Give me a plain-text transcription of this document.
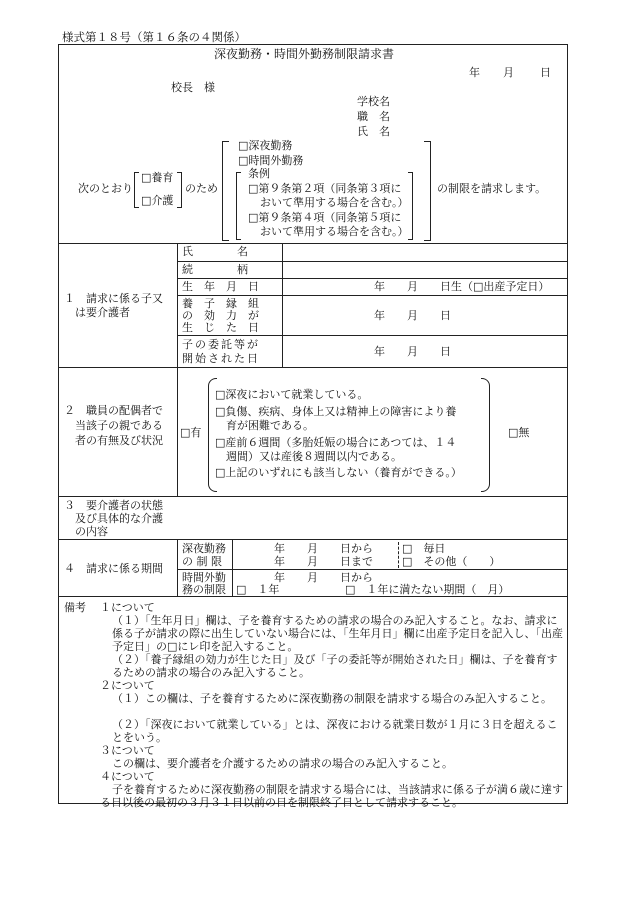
様式第１８号（第１６条の４関係）
深夜勤務・時間外勤務制限請求書
年 月 日
校長　様
学校名
職　名
氏　名
次のとおり
□養育
□介護
のため
□深夜勤務
□時間外勤務
条例
□第９条第２項（同条第３項に
おいて準用する場合を含む。）
□第９条第４項（同条第５項に
おいて準用する場合を含む。）
の制限を請求します。
１　請求に係る子又
は要介護者
氏　　　　名
続　　　　柄
生　年　月　日	年　　月　　日生（□出産予定日）
養　子　縁　組
の　効　力　が
生　じ　た　日
年　　月　　日
子の委託等が
開始された日
年　　月　　日
２　職員の配偶者で
当該子の親である
者の有無及び状況
□有
□深夜において就業している。
□負傷、疾病、身体上又は精神上の障害により養
育が困難である。
□産前６週間（多胎妊娠の場合にあつては、１４
週間）又は産後８週間以内である。
□上記のいずれにも該当しない（養育ができる。）
□無
３　要介護者の状態
及び具体的な介護
の内容
４　請求に係る期間
深夜勤務
の 制 限
年　　月　　日から
年　　月　　日まで
□　毎日
□　その他（　　）
時間外勤
務の制限
年　　月　　日から
□　１年	□　１年に満たない期間（　月）
備考 １について
（１）「生年月日」欄は、子を養育するための請求の場合のみ記入すること。なお、請求に係る子が請求の際に出生していない場合には、「生年月日」欄に出産予定日を記入し、「出産予定日」の□にレ印を記入すること。
（２）「養子縁組の効力が生じた日」及び「子の委託等が開始された日」欄は、子を養育するための請求の場合のみ記入すること。
２について
（１）この欄は、子を養育するために深夜勤務の制限を請求する場合のみ記入すること。
（２）「深夜において就業している」とは、深夜における就業日数が１月に３日を超えることをいう。
３について
この欄は、要介護者を介護するための請求の場合のみ記入すること。
４について
子を養育するために深夜勤務の制限を請求する場合には、当該請求に係る子が満６歳に達する日以後の最初の３月３１日以前の日を制限終了日として請求すること。
